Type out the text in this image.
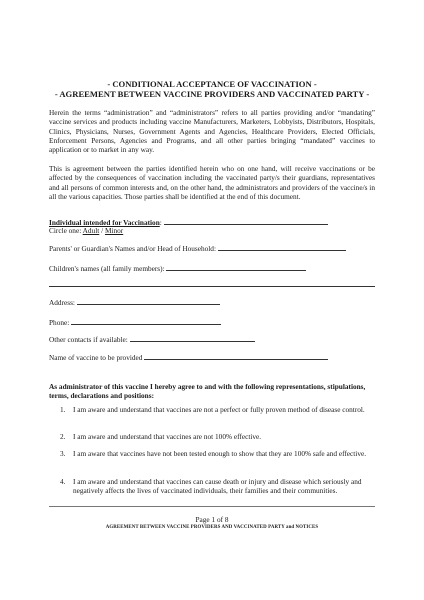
- CONDITIONAL ACCEPTANCE OF VACCINATION -
- AGREEMENT BETWEEN VACCINE PROVIDERS AND VACCINATED PARTY -
Herein the terms “administration” and “administrators” refers to all parties providing and/or “mandating” vaccine services and products including vaccine Manufacturers, Marketers, Lobbyists, Distributors, Hospitals, Clinics, Physicians, Nurses, Government Agents and Agencies, Healthcare Providers, Elected Officials, Enforcement Persons, Agencies and Programs, and all other parties bringing “mandated” vaccines to application or to market in any way.
This is agreement between the parties identified herein who on one hand, will receive vaccinations or be affected by the consequences of vaccination including the vaccinated party/s their guardians, representatives and all persons of common interests and, on the other hand, the administrators and providers of the vaccine/s in all the various capacities. Those parties shall be identified at the end of this document.
Individual intended for Vaccination:
Circle one: Adult / Minor
Parents' or Guardian's Names and/or Head of Household:
Children's names (all family members):
Address:
Phone:
Other contacts if available:
Name of vaccine to be provided
As administrator of this vaccine I hereby agree to and with the following representations, stipulations, terms, declarations and positions:
1. I am aware and understand that vaccines are not a perfect or fully proven method of disease control.
2. I am aware and understand that vaccines are not 100% effective.
3. I am aware that vaccines have not been tested enough to show that they are 100% safe and effective.
4. I am aware and understand that vaccines can cause death or injury and disease which seriously and negatively affects the lives of vaccinated individuals, their families and their communities.
Page 1 of 8
AGREEMENT BETWEEN VACCINE PROVIDERS AND VACCINATED PARTY and NOTICES
